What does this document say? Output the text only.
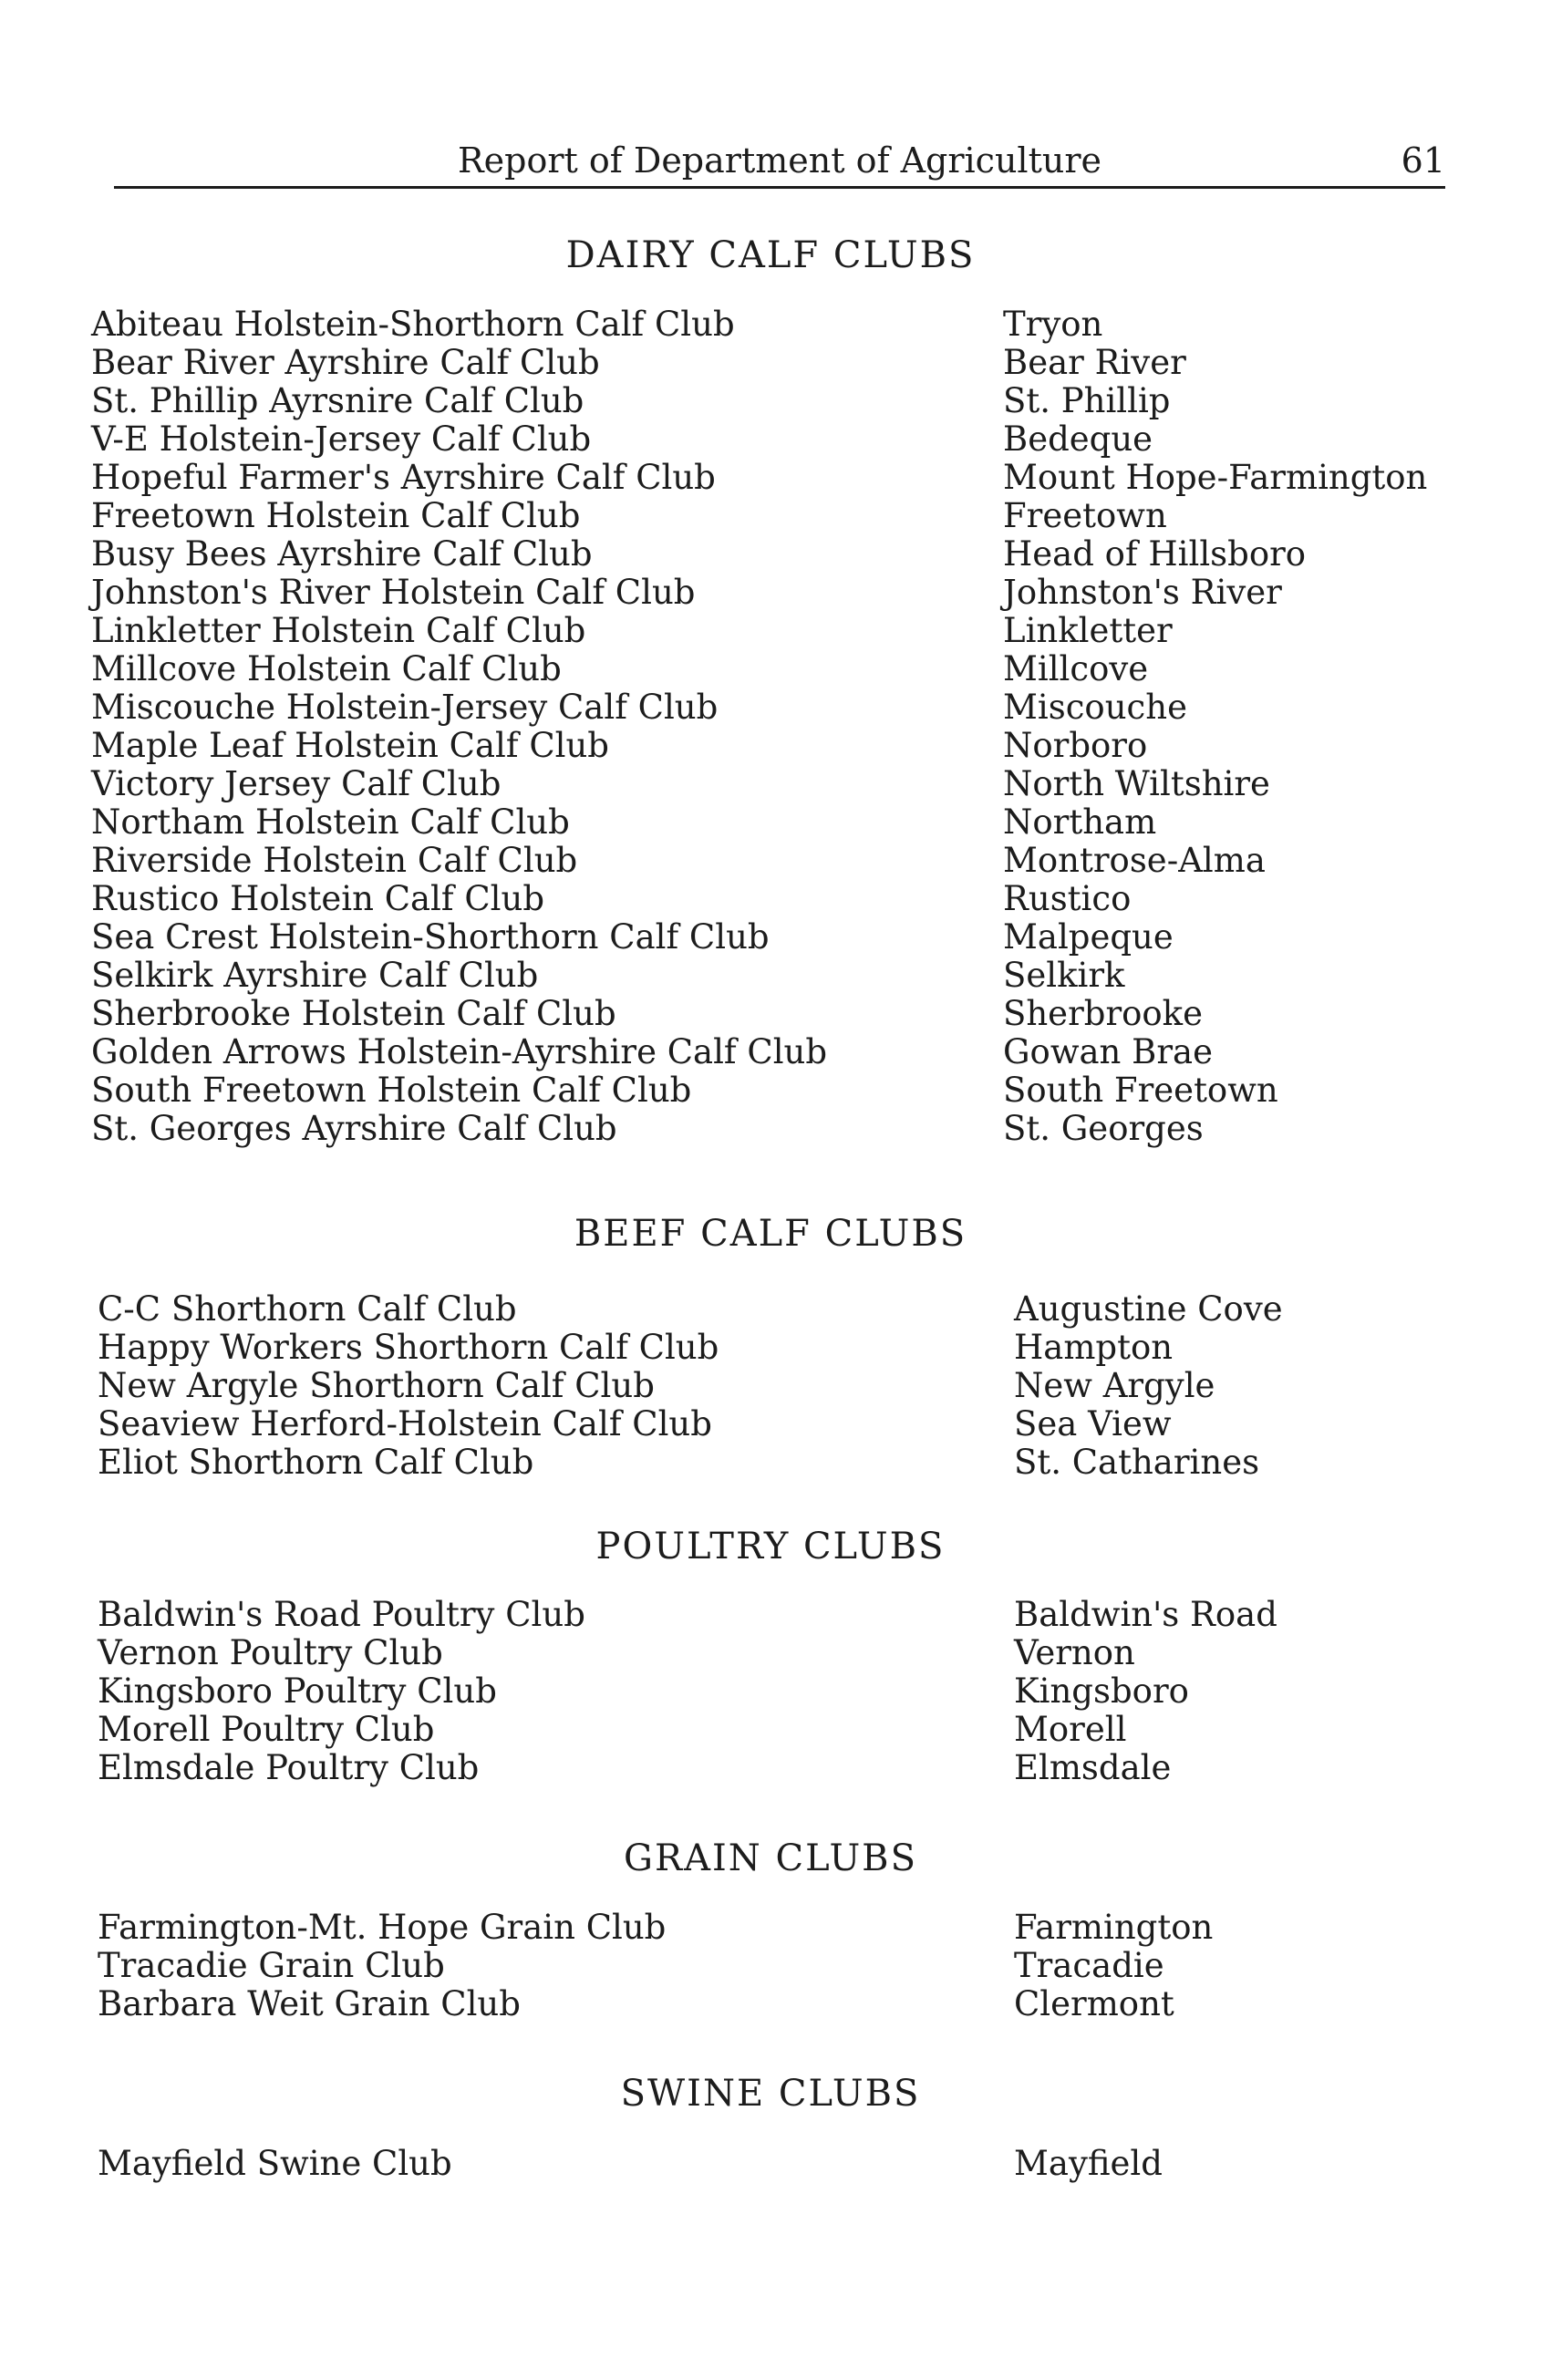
Report of Department of Agriculture	61
DAIRY CALF CLUBS
Abiteau Holstein-Shorthorn Calf Club	Tryon
Bear River Ayrshire Calf Club	Bear River
St. Phillip Ayrsnire Calf Club	St. Phillip
V-E Holstein-Jersey Calf Club	Bedeque
Hopeful Farmer's Ayrshire Calf Club	Mount Hope-Farmington
Freetown Holstein Calf Club	Freetown
Busy Bees Ayrshire Calf Club	Head of Hillsboro
Johnston's River Holstein Calf Club	Johnston's River
Linkletter Holstein Calf Club	Linkletter
Millcove Holstein Calf Club	Millcove
Miscouche Holstein-Jersey Calf Club	Miscouche
Maple Leaf Holstein Calf Club	Norboro
Victory Jersey Calf Club	North Wiltshire
Northam Holstein Calf Club	Northam
Riverside Holstein Calf Club	Montrose-Alma
Rustico Holstein Calf Club	Rustico
Sea Crest Holstein-Shorthorn Calf Club	Malpeque
Selkirk Ayrshire Calf Club	Selkirk
Sherbrooke Holstein Calf Club	Sherbrooke
Golden Arrows Holstein-Ayrshire Calf Club	Gowan Brae
South Freetown Holstein Calf Club	South Freetown
St. Georges Ayrshire Calf Club	St. Georges
BEEF CALF CLUBS
C-C Shorthorn Calf Club	Augustine Cove
Happy Workers Shorthorn Calf Club	Hampton
New Argyle Shorthorn Calf Club	New Argyle
Seaview Herford-Holstein Calf Club	Sea View
Eliot Shorthorn Calf Club	St. Catharines
POULTRY CLUBS
Baldwin's Road Poultry Club	Baldwin's Road
Vernon Poultry Club	Vernon
Kingsboro Poultry Club	Kingsboro
Morell Poultry Club	Morell
Elmsdale Poultry Club	Elmsdale
GRAIN CLUBS
Farmington-Mt. Hope Grain Club	Farmington
Tracadie Grain Club	Tracadie
Barbara Weit Grain Club	Clermont
SWINE CLUBS
Mayfield Swine Club	Mayfield
